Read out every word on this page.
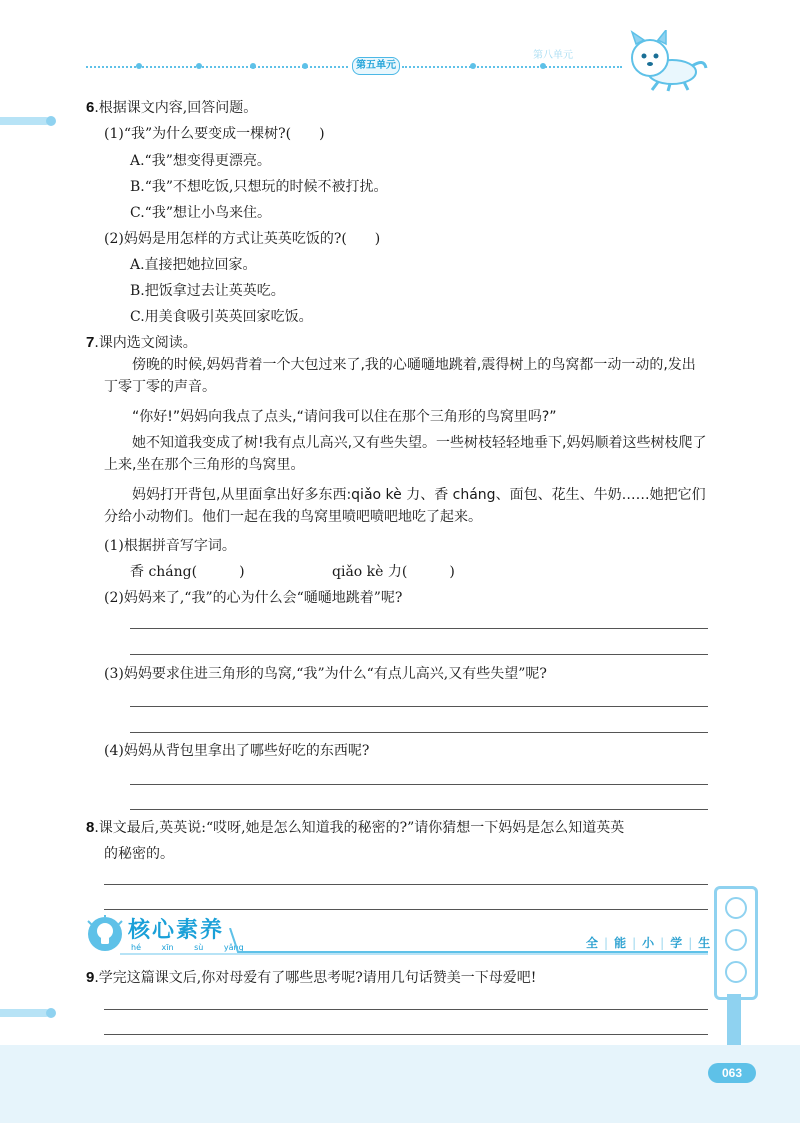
第五单元
第八单元
6.根据课文内容,回答问题。
(1)“我”为什么要变成一棵树?(　　)
A.“我”想变得更漂亮。
B.“我”不想吃饭,只想玩的时候不被打扰。
C.“我”想让小鸟来住。
(2)妈妈是用怎样的方式让英英吃饭的?(　　)
A.直接把她拉回家。
B.把饭拿过去让英英吃。
C.用美食吸引英英回家吃饭。
7.课内选文阅读。
傍晚的时候,妈妈背着一个大包过来了,我的心嗵嗵地跳着,震得树上的鸟窝都一动一动的,发出丁零丁零的声音。
“你好!”妈妈向我点了点头,“请问我可以住在那个三角形的鸟窝里吗?”
她不知道我变成了树!我有点儿高兴,又有些失望。一些树枝轻轻地垂下,妈妈顺着这些树枝爬了上来,坐在那个三角形的鸟窝里。
妈妈打开背包,从里面拿出好多东西:qiǎo kè 力、香 cháng、面包、花生、牛奶……她把它们分给小动物们。他们一起在我的鸟窝里喷吧喷吧地吃了起来。
(1)根据拼音写字词。
香 cháng(　　　)	qiǎo kè 力(　　　)
(2)妈妈来了,“我”的心为什么会“嗵嗵地跳着”呢?
(3)妈妈要求住进三角形的鸟窝,“我”为什么“有点儿高兴,又有些失望”呢?
(4)妈妈从背包里拿出了哪些好吃的东西呢?
8.课文最后,英英说:“哎呀,她是怎么知道我的秘密的?”请你猜想一下妈妈是怎么知道英英
的秘密的。
核心素养
hé xīn sù yǎng	全 | 能 | 小 | 学 | 生
9.学完这篇课文后,你对母爱有了哪些思考呢?请用几句话赞美一下母爱吧!
063
